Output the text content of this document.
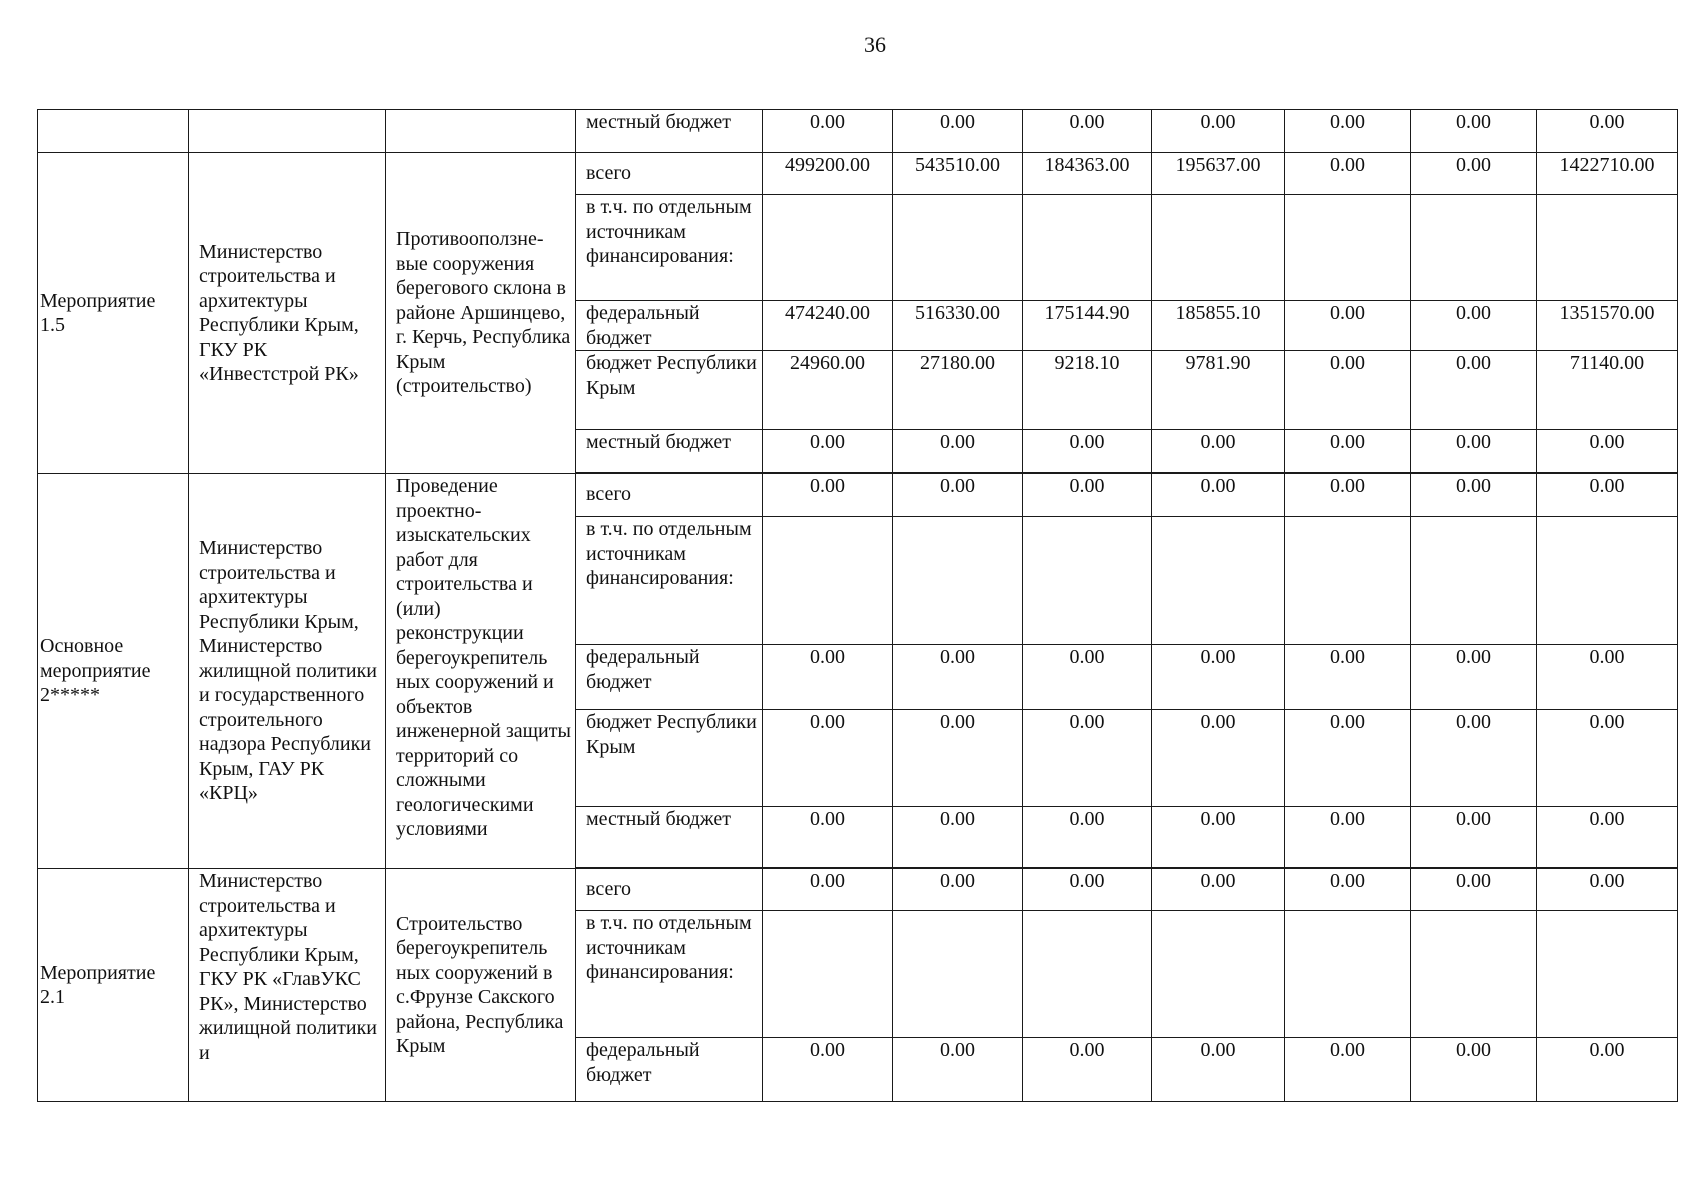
36
			местный бюджет	0.00	0.00	0.00	0.00	0.00	0.00	0.00
Мероприятие 1.5	Министерство строительства и архитектуры Республики Крым, ГКУ РК «Инвестстрой РК»	Противооползне-вые сооружения берегового склона в районе Аршинцево, г. Керчь, Республика Крым (строительство)	всего	499200.00	543510.00	184363.00	195637.00	0.00	0.00	1422710.00
			в т.ч. по отдельным источникам финансирования:							
			федеральный бюджет	474240.00	516330.00	175144.90	185855.10	0.00	0.00	1351570.00
			бюджет Республики Крым	24960.00	27180.00	9218.10	9781.90	0.00	0.00	71140.00
			местный бюджет	0.00	0.00	0.00	0.00	0.00	0.00	0.00

Основное мероприятие 2*****	Министерство строительства и архитектуры Республики Крым, Министерство жилищной политики и государственного строительного надзора Республики Крым, ГАУ РК «КРЦ»	Проведение проектно-изыскательских работ для строительства и (или) реконструкции берегоукрепитель ных сооружений и объектов инженерной защиты территорий со сложными геологическими условиями	всего	0.00	0.00	0.00	0.00	0.00	0.00	0.00
			в т.ч. по отдельным источникам финансирования:							
			федеральный бюджет	0.00	0.00	0.00	0.00	0.00	0.00	0.00
			бюджет Республики Крым	0.00	0.00	0.00	0.00	0.00	0.00	0.00
			местный бюджет	0.00	0.00	0.00	0.00	0.00	0.00	0.00

Мероприятие 2.1	Министерство строительства и архитектуры Республики Крым, ГКУ РК «ГлавУКС РК», Министерство жилищной политики и	Строительство берегоукрепитель ных сооружений в с.Фрунзе Сакского района, Республика Крым	всего	0.00	0.00	0.00	0.00	0.00	0.00	0.00
			в т.ч. по отдельным источникам финансирования:							
			федеральный бюджет	0.00	0.00	0.00	0.00	0.00	0.00	0.00
